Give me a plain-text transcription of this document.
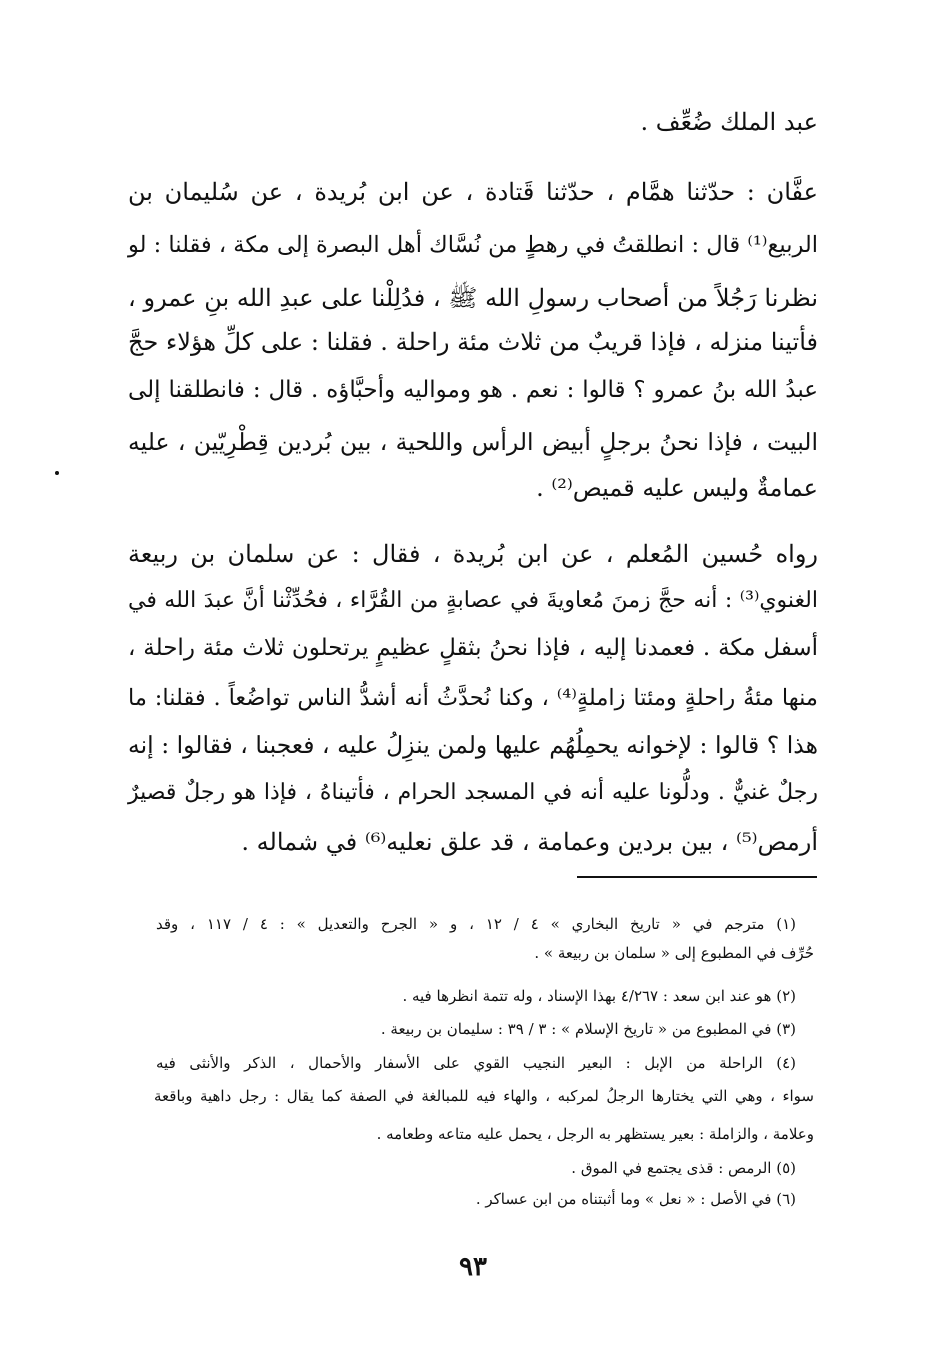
عبد الملك ضُعِّف .
عفَّان : حدّثنا همَّام ، حدّثنا قَتادة ، عن ابن بُريدة ، عن سُليمان بن
الربيع⁽¹⁾ قال : انطلقتُ في رهطٍ من نُسَّاك أهل البصرة إلى مكة ، فقلنا : لو
نظرنا رَجُلاً من أصحاب رسولِ الله ﷺ ، فدُلِلْنا على عبدِ الله بنِ عمرو ،
فأتينا منزله ، فإذا قريبٌ من ثلاث مئة راحلة . فقلنا : على كلِّ هؤلاء حجَّ
عبدُ الله بنُ عمرو ؟ قالوا : نعم . هو ومواليه وأحبَّاؤه . قال : فانطلقنا إلى
البيت ، فإذا نحنُ برجلٍ أبيض الرأس واللحية ، بين بُردين قِطْرِيّين ، عليه
عمامةٌ وليس عليه قميص⁽²⁾ .
رواه حُسين المُعلم ، عن ابن بُريدة ، فقال : عن سلمان بن ربيعة
الغنوي⁽³⁾ : أنه حجَّ زمنَ مُعاويةَ في عصابةٍ من القُرَّاء ، فحُدِّثْنا أنَّ عبدَ الله في
أسفل مكة . فعمدنا إليه ، فإذا نحنُ بثقلٍ عظيمٍ يرتحلون ثلاث مئة راحلة ،
منها مئةُ راحلةٍ ومئتا زاملةٍ⁽⁴⁾ ، وكنا نُحدَّثُ أنه أشدُّ الناس تواضُعاً . فقلنا: ما
هذا ؟ قالوا : لإخوانه يحمِلُهُم عليها ولمن ينزِلُ عليه ، فعجبنا ، فقالوا : إنه
رجلٌ غنيٌّ . ودلُّونا عليه أنه في المسجد الحرام ، فأتيناهُ ، فإذا هو رجلٌ قصيرٌ
أرمص⁽⁵⁾ ، بين بردين وعمامة ، قد علق نعليه⁽⁶⁾ في شماله .
(١) مترجم في « تاريخ البخاري » ٤ / ١٢ ، و « الجرح والتعديل » : ٤ / ١١٧ ، وقد
حُرِّف في المطبوع إلى « سلمان بن ربيعة » .
(٢) هو عند ابن سعد : ٤/٢٦٧ بهذا الإسناد ، وله تتمة انظرها فيه .
(٣) في المطبوع من « تاريخ الإسلام » : ٣ / ٣٩ : سليمان بن ربيعة .
(٤) الراحلة من الإبل : البعير النجيب القوي على الأسفار والأحمال ، الذكر والأنثى فيه
سواء ، وهي التي يختارها الرجلُ لمركبه ، والهاء فيه للمبالغة في الصفة كما يقال : رجل داهية وباقعة
وعلامة ، والزاملة : بعير يستظهر به الرجل ، يحمل عليه متاعه وطعامه .
(٥) الرمص : قذى يجتمع في الموق .
(٦) في الأصل : « نعل » وما أثبتناه من ابن عساكر .
٩٣
